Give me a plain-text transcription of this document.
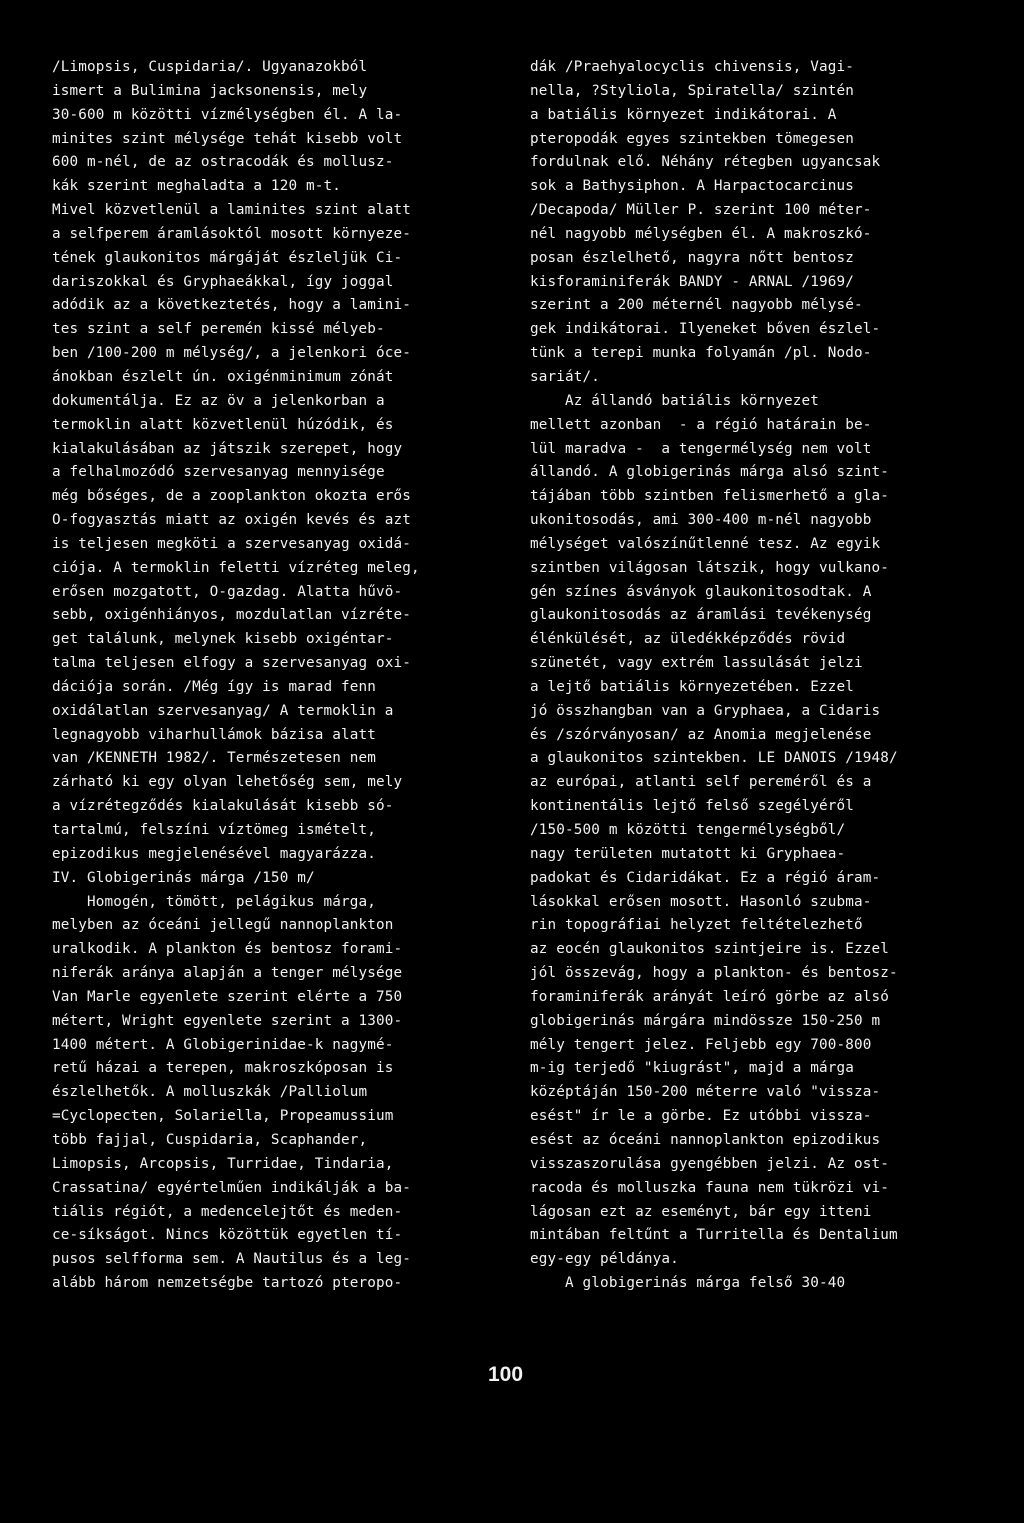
/Limopsis, Cuspidaria/. Ugyanazokból
ismert a Bulimina jacksonensis, mely
30-600 m közötti vízmélységben él. A la-
minites szint mélysége tehát kisebb volt
600 m-nél, de az ostracodák és mollusz-
kák szerint meghaladta a 120 m-t.
Mivel közvetlenül a laminites szint alatt
a selfperem áramlásoktól mosott környeze-
tének glaukonitos márgáját észleljük Ci-
dariszokkal és Gryphaeákkal, így joggal
adódik az a következtetés, hogy a lamini-
tes szint a self peremén kissé mélyeb-
ben /100-200 m mélység/, a jelenkori óce-
ánokban észlelt ún. oxigénminimum zónát
dokumentálja. Ez az öv a jelenkorban a
termoklin alatt közvetlenül húzódik, és
kialakulásában az játszik szerepet, hogy
a felhalmozódó szervesanyag mennyisége
még bőséges, de a zooplankton okozta erős
O-fogyasztás miatt az oxigén kevés és azt
is teljesen megköti a szervesanyag oxidá-
ciója. A termoklin feletti vízréteg meleg,
erősen mozgatott, O-gazdag. Alatta hűvö-
sebb, oxigénhiányos, mozdulatlan vízréte-
get találunk, melynek kisebb oxigéntar-
talma teljesen elfogy a szervesanyag oxi-
dációja során. /Még így is marad fenn
oxidálatlan szervesanyag/ A termoklin a
legnagyobb viharhullámok bázisa alatt
van /KENNETH 1982/. Természetesen nem
zárható ki egy olyan lehetőség sem, mely
a vízrétegződés kialakulását kisebb só-
tartalmú, felszíni víztömeg ismételt,
epizodikus megjelenésével magyarázza.
IV. Globigerinás márga /150 m/
Homogén, tömött, pelágikus márga,
melyben az óceáni jellegű nannoplankton
uralkodik. A plankton és bentosz forami-
niferák aránya alapján a tenger mélysége
Van Marle egyenlete szerint elérte a 750
métert, Wright egyenlete szerint a 1300-
1400 métert. A Globigerinidae-k nagymé-
retű házai a terepen, makroszkóposan is
észlelhetők. A molluszkák /Palliolum
=Cyclopecten, Solariella, Propeamussium
több fajjal, Cuspidaria, Scaphander,
Limopsis, Arcopsis, Turridae, Tindaria,
Crassatina/ egyértelműen indikálják a ba-
tiális régiót, a medencelejtőt és meden-
ce-síkságot. Nincs közöttük egyetlen tí-
pusos selfforma sem. A Nautilus és a leg-
alább három nemzetségbe tartozó pteropo-
dák /Praehyalocyclis chivensis, Vagi-
nella, ?Styliola, Spiratella/ szintén
a batiális környezet indikátorai. A
pteropodák egyes szintekben tömegesen
fordulnak elő. Néhány rétegben ugyancsak
sok a Bathysiphon. A Harpactocarcinus
/Decapoda/ Müller P. szerint 100 méter-
nél nagyobb mélységben él. A makroszkó-
posan észlelhető, nagyra nőtt bentosz
kisforaminiferák BANDY - ARNAL /1969/
szerint a 200 méternél nagyobb mélysé-
gek indikátorai. Ilyeneket bőven észlel-
tünk a terepi munka folyamán /pl. Nodo-
sariát/.
Az állandó batiális környezet
mellett azonban  - a régió határain be-
lül maradva -  a tengermélység nem volt
állandó. A globigerinás márga alsó szint-
tájában több szintben felismerhető a gla-
ukonitosodás, ami 300-400 m-nél nagyobb
mélységet valószínűtlenné tesz. Az egyik
szintben világosan látszik, hogy vulkano-
gén színes ásványok glaukonitosodtak. A
glaukonitosodás az áramlási tevékenység
élénkülését, az üledékképződés rövid
szünetét, vagy extrém lassulását jelzi
a lejtő batiális környezetében. Ezzel
jó összhangban van a Gryphaea, a Cidaris
és /szórványosan/ az Anomia megjelenése
a glaukonitos szintekben. LE DANOIS /1948/
az európai, atlanti self pereméről és a
kontinentális lejtő felső szegélyéről
/150-500 m közötti tengermélységből/
nagy területen mutatott ki Gryphaea-
padokat és Cidaridákat. Ez a régió áram-
lásokkal erősen mosott. Hasonló szubma-
rin topográfiai helyzet feltételezhető
az eocén glaukonitos szintjeire is. Ezzel
jól összevág, hogy a plankton- és bentosz-
foraminiferák arányát leíró görbe az alsó
globigerinás márgára mindössze 150-250 m
mély tengert jelez. Feljebb egy 700-800
m-ig terjedő "kiugrást", majd a márga
középtáján 150-200 méterre való "vissza-
esést" ír le a görbe. Ez utóbbi vissza-
esést az óceáni nannoplankton epizodikus
visszaszorulása gyengébben jelzi. Az ost-
racoda és molluszka fauna nem tükrözi vi-
lágosan ezt az eseményt, bár egy itteni
mintában feltűnt a Turritella és Dentalium
egy-egy példánya.
A globigerinás márga felső 30-40
100
